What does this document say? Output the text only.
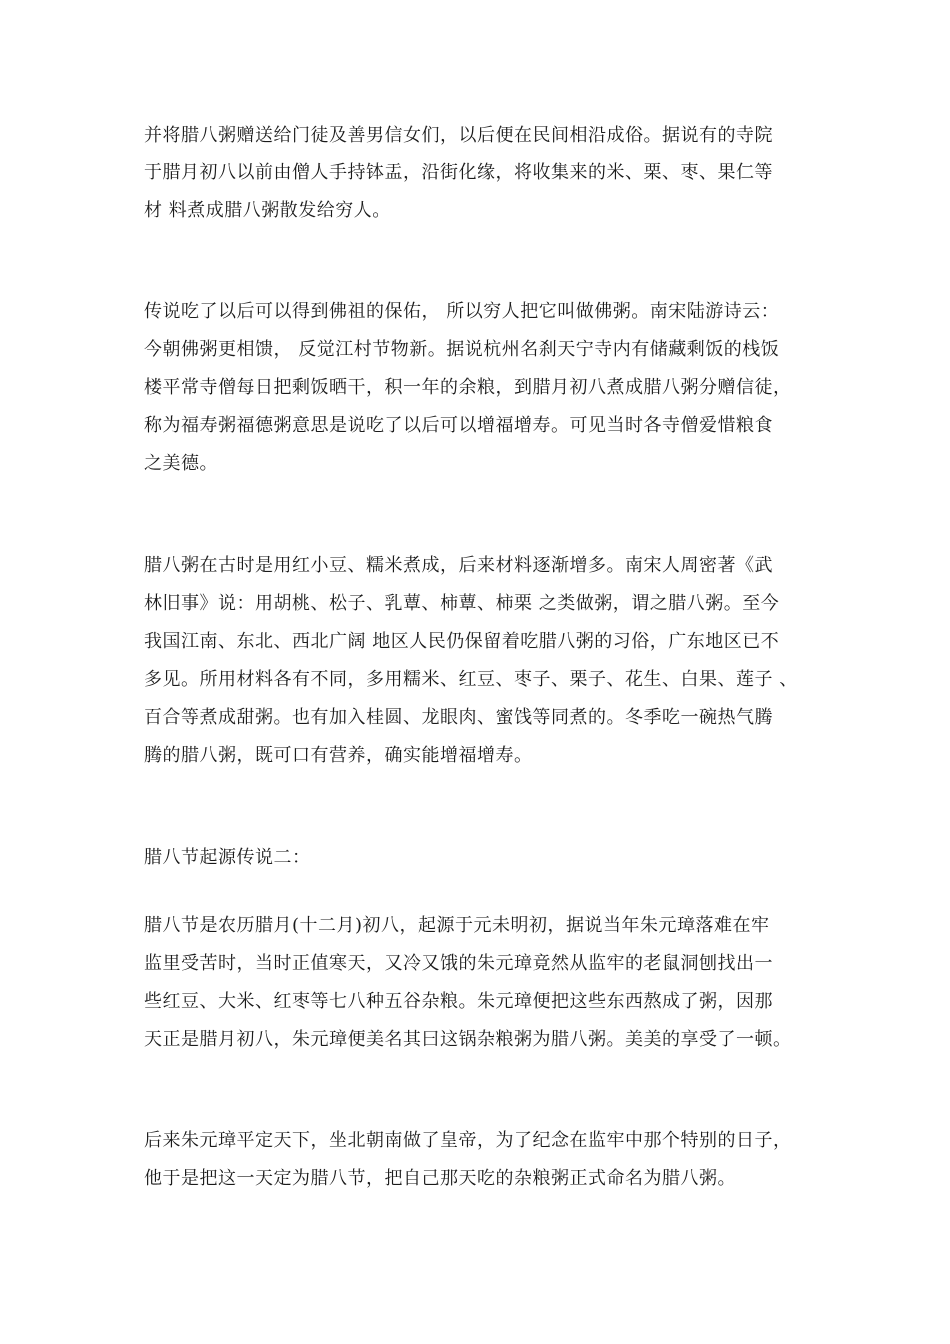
并将腊八粥赠送给门徒及善男信女们，以后便在民间相沿成俗。据说有的寺院

于腊月初八以前由僧人手持钵盂，沿街化缘，将收集来的米、栗、枣、果仁等

材 料煮成腊八粥散发给穷人。

传说吃了以后可以得到佛祖的保佑， 所以穷人把它叫做佛粥。南宋陆游诗云：

今朝佛粥更相馈， 反觉江村节物新。据说杭州名刹天宁寺内有储藏剩饭的栈饭

楼平常寺僧每日把剩饭晒干，积一年的余粮，到腊月初八煮成腊八粥分赠信徒，

称为福寿粥福德粥意思是说吃了以后可以增福增寿。可见当时各寺僧爱惜粮食

之美德。

腊八粥在古时是用红小豆、糯米煮成，后来材料逐渐增多。南宋人周密著《武

林旧事》说：用胡桃、松子、乳蕈、柿蕈、柿栗 之类做粥，谓之腊八粥。至今

我国江南、东北、西北广阔 地区人民仍保留着吃腊八粥的习俗，广东地区已不

多见。所用材料各有不同，多用糯米、红豆、枣子、栗子、花生、白果、莲子 、

百合等煮成甜粥。也有加入桂圆、龙眼肉、蜜饯等同煮的。冬季吃一碗热气腾

腾的腊八粥，既可口有营养，确实能增福增寿。

腊八节起源传说二：

腊八节是农历腊月(十二月)初八，起源于元未明初，据说当年朱元璋落难在牢

监里受苦时，当时正值寒天，又冷又饿的朱元璋竟然从监牢的老鼠洞刨找出一

些红豆、大米、红枣等七八种五谷杂粮。朱元璋便把这些东西熬成了粥，因那

天正是腊月初八，朱元璋便美名其曰这锅杂粮粥为腊八粥。美美的享受了一顿。

后来朱元璋平定天下，坐北朝南做了皇帝，为了纪念在监牢中那个特别的日子，

他于是把这一天定为腊八节，把自己那天吃的杂粮粥正式命名为腊八粥。
